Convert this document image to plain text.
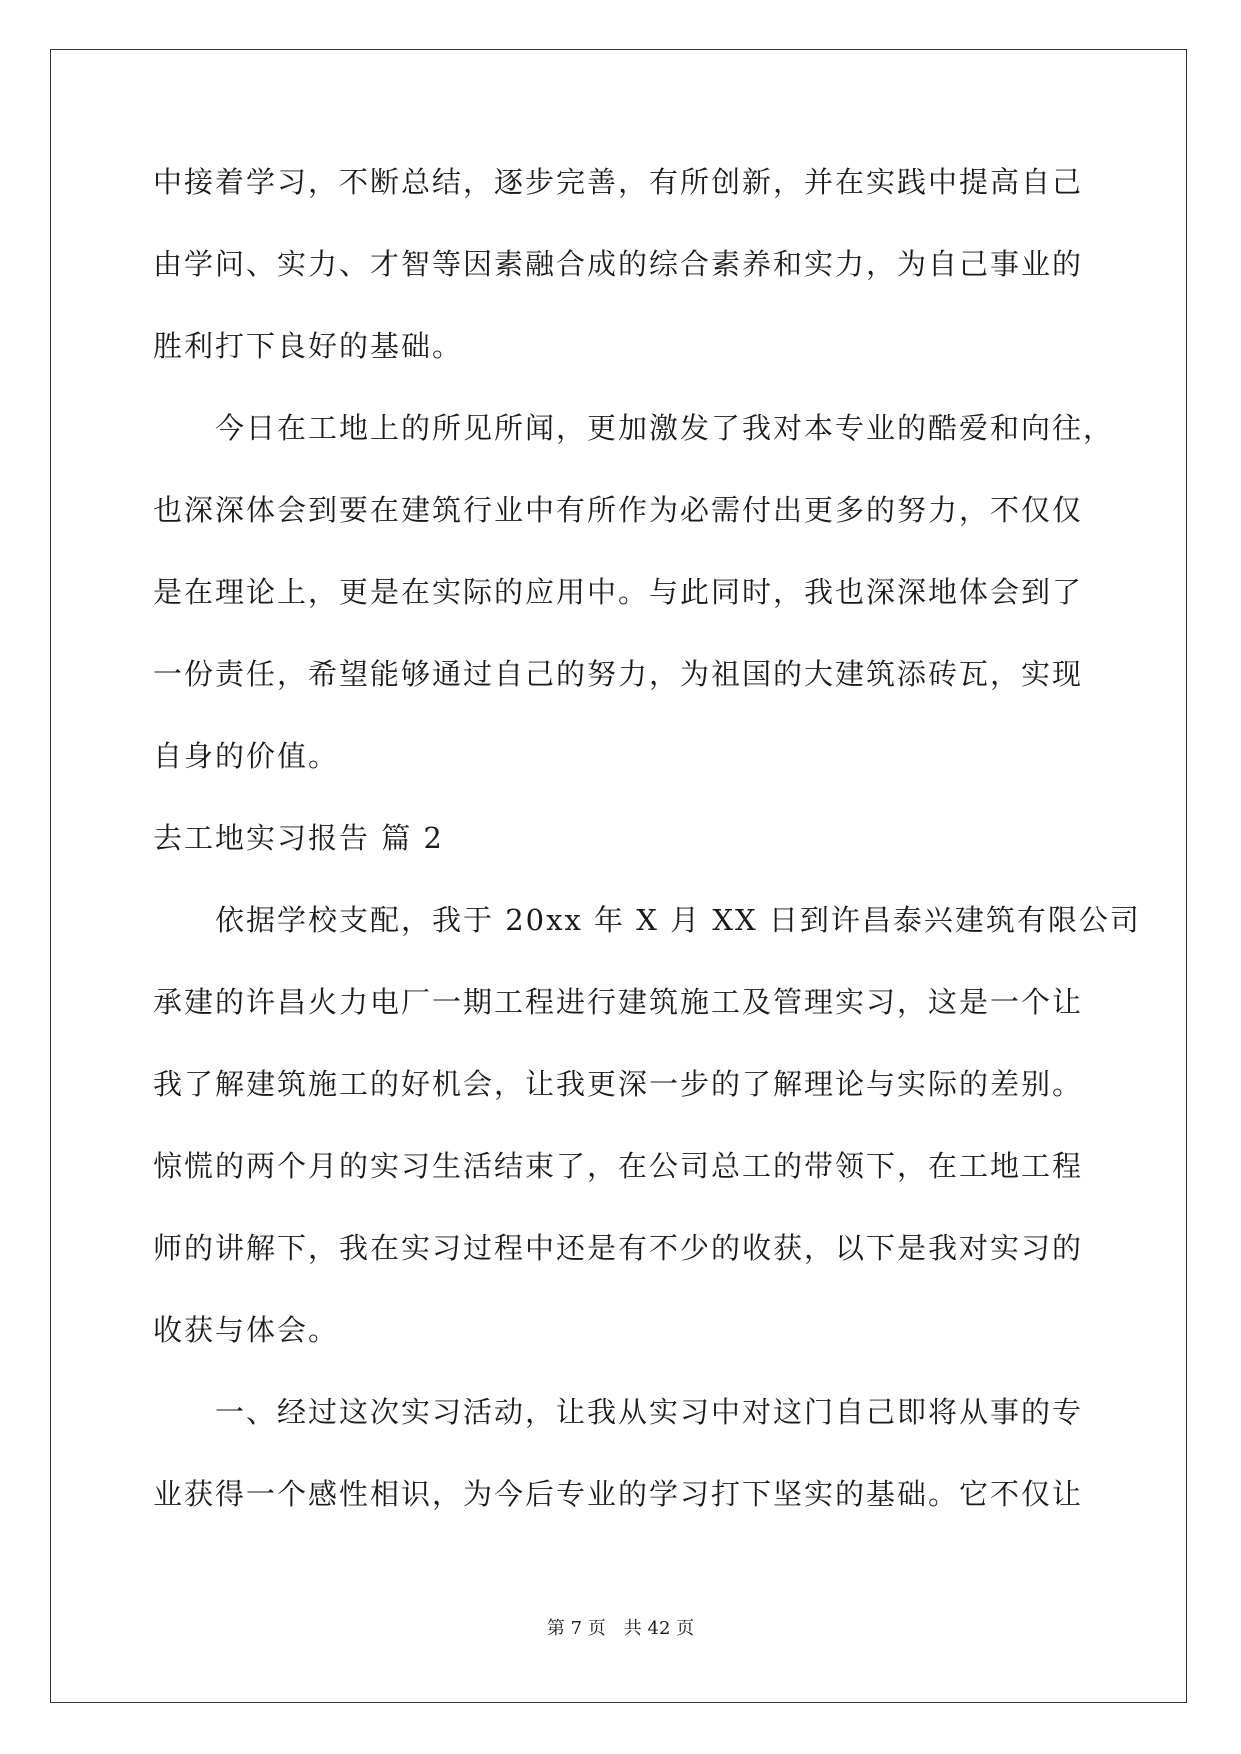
中接着学习，不断总结，逐步完善，有所创新，并在实践中提高自己
由学问、实力、才智等因素融合成的综合素养和实力，为自己事业的
胜利打下良好的基础。
今日在工地上的所见所闻，更加激发了我对本专业的酷爱和向往，
也深深体会到要在建筑行业中有所作为必需付出更多的努力，不仅仅
是在理论上，更是在实际的应用中。与此同时，我也深深地体会到了
一份责任，希望能够通过自己的努力，为祖国的大建筑添砖瓦，实现
自身的价值。
去工地实习报告 篇 2
依据学校支配，我于 20xx 年 X 月 XX 日到许昌泰兴建筑有限公司
承建的许昌火力电厂一期工程进行建筑施工及管理实习，这是一个让
我了解建筑施工的好机会，让我更深一步的了解理论与实际的差别。
惊慌的两个月的实习生活结束了，在公司总工的带领下，在工地工程
师的讲解下，我在实习过程中还是有不少的收获，以下是我对实习的
收获与体会。
一、经过这次实习活动，让我从实习中对这门自己即将从事的专
业获得一个感性相识，为今后专业的学习打下坚实的基础。它不仅让
第 7 页 共 42 页
